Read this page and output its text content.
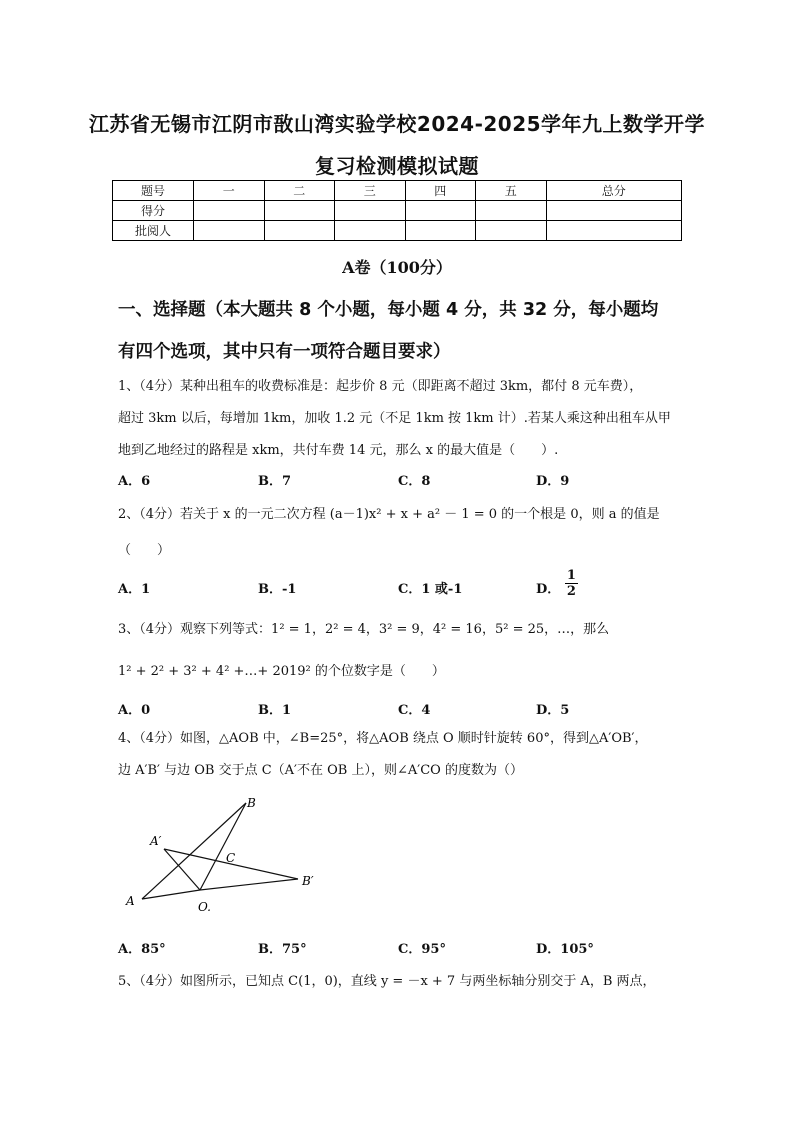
江苏省无锡市江阴市敔山湾实验学校2024-2025学年九上数学开学
复习检测模拟试题
题号	一	二	三	四	五	总分
得分						
批阅人						
A卷（100分）
一、选择题（本大题共 8 个小题，每小题 4 分，共 32 分，每小题均
有四个选项，其中只有一项符合题目要求）
1、（4分）某种出租车的收费标准是：起步价 8 元（即距离不超过 3km，都付 8 元车费），
超过 3km 以后，每增加 1km，加收 1.2 元（不足 1km 按 1km 计）.若某人乘这种出租车从甲
地到乙地经过的路程是 xkm，共付车费 14 元，那么 x 的最大值是（　　）.
A．6	B．7	C．8	D．9
2、（4分）若关于 x 的一元二次方程 (a－1)x² + x + a² － 1 = 0 的一个根是 0，则 a 的值是
（　　）
A．1	B．-1	C．1 或-1	D． $\frac{1}{2}$
3、（4分）观察下列等式：1² = 1，2² = 4，3² = 9，4² = 16，5² = 25，…，那么
1² + 2² + 3² + 4² +…+ 2019² 的个位数字是（　　）
A．0	B．1	C．4	D．5
4、（4分）如图，△AOB 中，∠B=25°，将△AOB 绕点 O 顺时针旋转 60°，得到△A′OB′，
边 A′B′ 与边 OB 交于点 C（A′不在 OB 上），则∠A′CO 的度数为（）
B
A′
C
B′
A	O.
A．85°	B．75°	C．95°	D．105°
5、（4分）如图所示，已知点 C(1，0)，直线 y = －x + 7 与两坐标轴分别交于 A，B 两点，
